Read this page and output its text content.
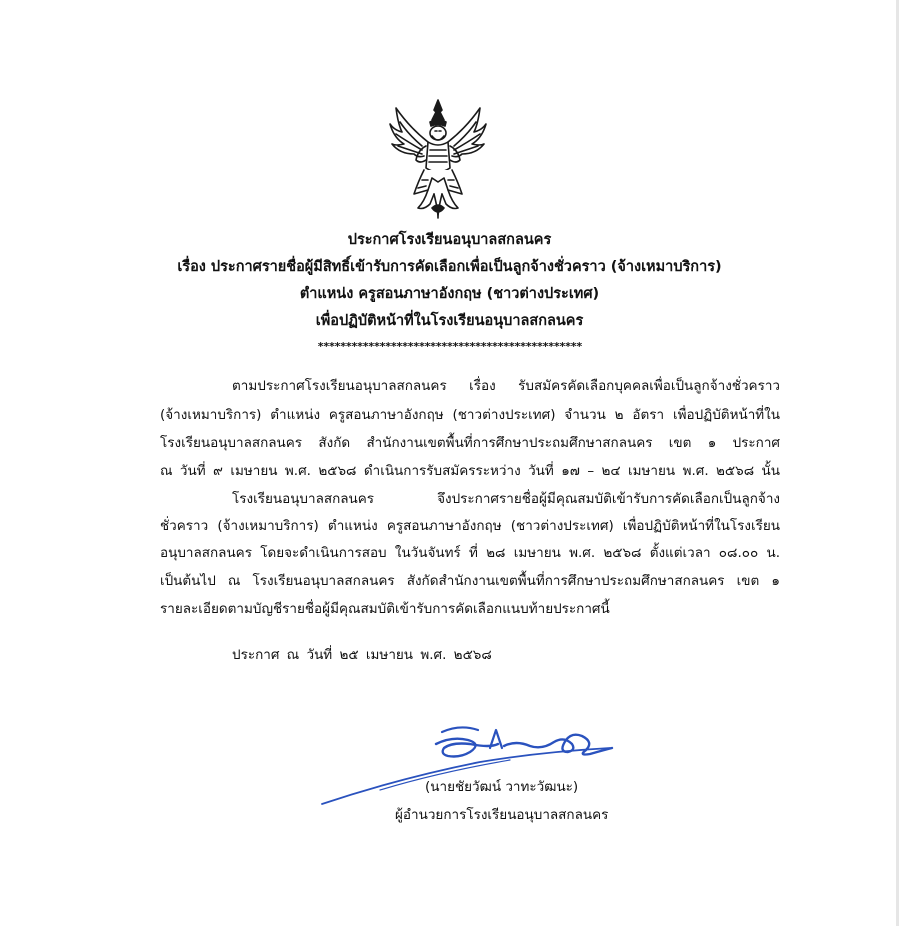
ประกาศโรงเรียนอนุบาลสกลนคร
เรื่อง ประกาศรายชื่อผู้มีสิทธิ์เข้ารับการคัดเลือกเพื่อเป็นลูกจ้างชั่วคราว (จ้างเหมาบริการ)
ตำแหน่ง ครูสอนภาษาอังกฤษ (ชาวต่างประเทศ)
เพื่อปฏิบัติหน้าที่ในโรงเรียนอนุบาลสกลนคร
***********************************************
ตามประกาศโรงเรียนอนุบาลสกลนคร เรื่อง รับสมัครคัดเลือกบุคคลเพื่อเป็นลูกจ้างชั่วคราว
(จ้างเหมาบริการ) ตำแหน่ง ครูสอนภาษาอังกฤษ (ชาวต่างประเทศ) จำนวน ๒ อัตรา เพื่อปฏิบัติหน้าที่ใน
โรงเรียนอนุบาลสกลนคร สังกัด สำนักงานเขตพื้นที่การศึกษาประถมศึกษาสกลนคร เขต ๑ ประกาศ
ณ วันที่ ๙ เมษายน พ.ศ. ๒๕๖๘ ดำเนินการรับสมัครระหว่าง วันที่ ๑๗ – ๒๔ เมษายน พ.ศ. ๒๕๖๘ นั้น
โรงเรียนอนุบาลสกลนคร จึงประกาศรายชื่อผู้มีคุณสมบัติเข้ารับการคัดเลือกเป็นลูกจ้าง
ชั่วคราว (จ้างเหมาบริการ) ตำแหน่ง ครูสอนภาษาอังกฤษ (ชาวต่างประเทศ) เพื่อปฏิบัติหน้าที่ในโรงเรียน
อนุบาลสกลนคร โดยจะดำเนินการสอบ ในวันจันทร์ ที่ ๒๘ เมษายน พ.ศ. ๒๕๖๘ ตั้งแต่เวลา ๐๘.๐๐ น.
เป็นต้นไป ณ โรงเรียนอนุบาลสกลนคร สังกัดสำนักงานเขตพื้นที่การศึกษาประถมศึกษาสกลนคร เขต ๑
รายละเอียดตามบัญชีรายชื่อผู้มีคุณสมบัติเข้ารับการคัดเลือกแนบท้ายประกาศนี้
ประกาศ ณ วันที่ ๒๕ เมษายน พ.ศ. ๒๕๖๘
(นายชัยวัฒน์ วาทะวัฒนะ)
ผู้อำนวยการโรงเรียนอนุบาลสกลนคร
